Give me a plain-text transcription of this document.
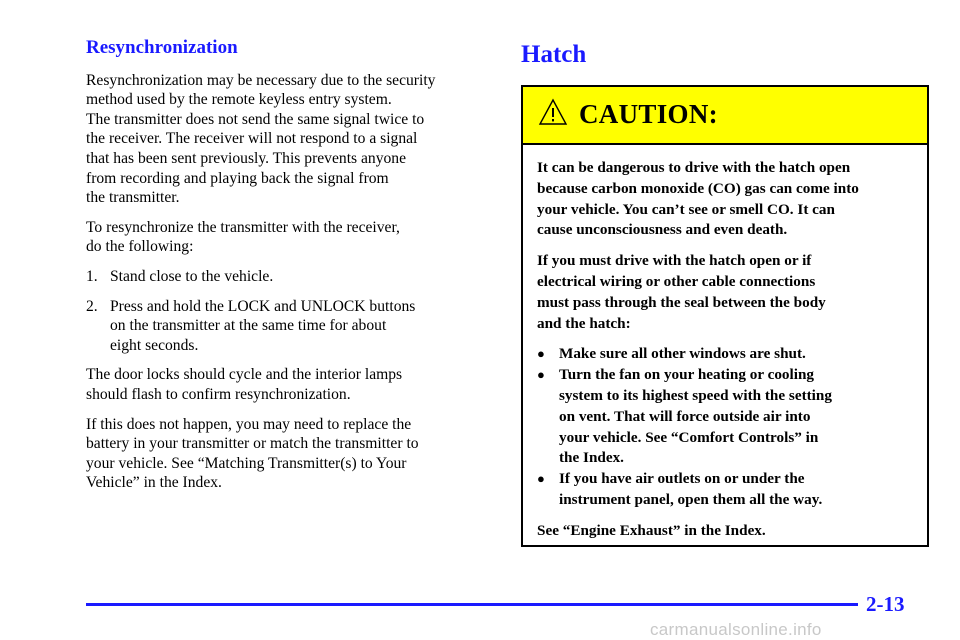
Resynchronization

Resynchronization may be necessary due to the security
method used by the remote keyless entry system.
The transmitter does not send the same signal twice to
the receiver. The receiver will not respond to a signal
that has been sent previously. This prevents anyone
from recording and playing back the signal from
the transmitter.

To resynchronize the transmitter with the receiver,
do the following:

1. Stand close to the vehicle.
2. Press and hold the LOCK and UNLOCK buttons
on the transmitter at the same time for about
eight seconds.

The door locks should cycle and the interior lamps
should flash to confirm resynchronization.

If this does not happen, you may need to replace the
battery in your transmitter or match the transmitter to
your vehicle. See “Matching Transmitter(s) to Your
Vehicle” in the Index.

Hatch
CAUTION:

It can be dangerous to drive with the hatch open
because carbon monoxide (CO) gas can come into
your vehicle. You can’t see or smell CO. It can
cause unconsciousness and even death.

If you must drive with the hatch open or if
electrical wiring or other cable connections
must pass through the seal between the body
and the hatch:

● Make sure all other windows are shut.
● Turn the fan on your heating or cooling
system to its highest speed with the setting
on vent. That will force outside air into
your vehicle. See “Comfort Controls” in
the Index.
● If you have air outlets on or under the
instrument panel, open them all the way.

See “Engine Exhaust” in the Index.

2-13
carmanualsonline.info
